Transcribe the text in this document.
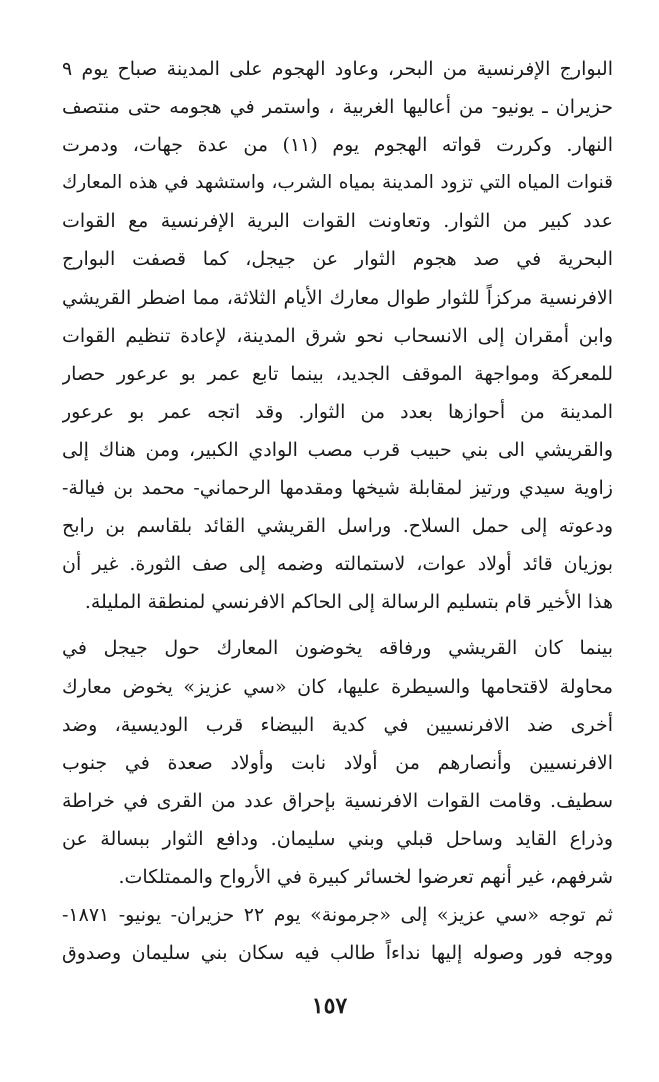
البوارج الإفرنسية من البحر، وعاود الهجوم على المدينة صباح يوم ٩
حزيران ـ يونيو- من أعاليها الغربية ، واستمر في هجومه حتى منتصف
النهار. وكررت قواته الهجوم يوم (١١) من عدة جهات، ودمرت
قنوات المياه التي تزود المدينة بمياه الشرب، واستشهد في هذه المعارك
عدد كبير من الثوار. وتعاونت القوات البرية الإفرنسية مع القوات
البحرية في صد هجوم الثوار عن جيجل، كما قصفت البوارج
الافرنسية مركزاً للثوار طوال معارك الأيام الثلاثة، مما اضطر القريشي
وابن أمقران إلى الانسحاب نحو شرق المدينة، لإعادة تنظيم القوات
للمعركة ومواجهة الموقف الجديد، بينما تابع عمر بو عرعور حصار
المدينة من أحوازها بعدد من الثوار. وقد اتجه عمر بو عرعور
والقريشي الى بني حبيب قرب مصب الوادي الكبير، ومن هناك إلى
زاوية سيدي ورتيز لمقابلة شيخها ومقدمها الرحماني- محمد بن فيالة-
ودعوته إلى حمل السلاح. وراسل القريشي القائد بلقاسم بن رابح
بوزيان قائد أولاد عوات، لاستمالته وضمه إلى صف الثورة. غير أن
هذا الأخير قام بتسليم الرسالة إلى الحاكم الافرنسي لمنطقة المليلة.
بينما كان القريشي ورفاقه يخوضون المعارك حول جيجل في
محاولة لاقتحامها والسيطرة عليها، كان «سي عزيز» يخوض معارك
أخرى ضد الافرنسيين في كدية البيضاء قرب الوديسية، وضد
الافرنسيين وأنصارهم من أولاد نابت وأولاد صعدة في جنوب
سطيف. وقامت القوات الافرنسية بإحراق عدد من القرى في خراطة
وذراع القايد وساحل قبلي وبني سليمان. ودافع الثوار ببسالة عن
شرفهم، غير أنهم تعرضوا لخسائر كبيرة في الأرواح والممتلكات.
ثم توجه «سي عزيز» إلى «جرمونة» يوم ٢٢ حزيران- يونيو- ١٨٧١-
ووجه فور وصوله إليها نداءاً طالب فيه سكان بني سليمان وصدوق
١٥٧
